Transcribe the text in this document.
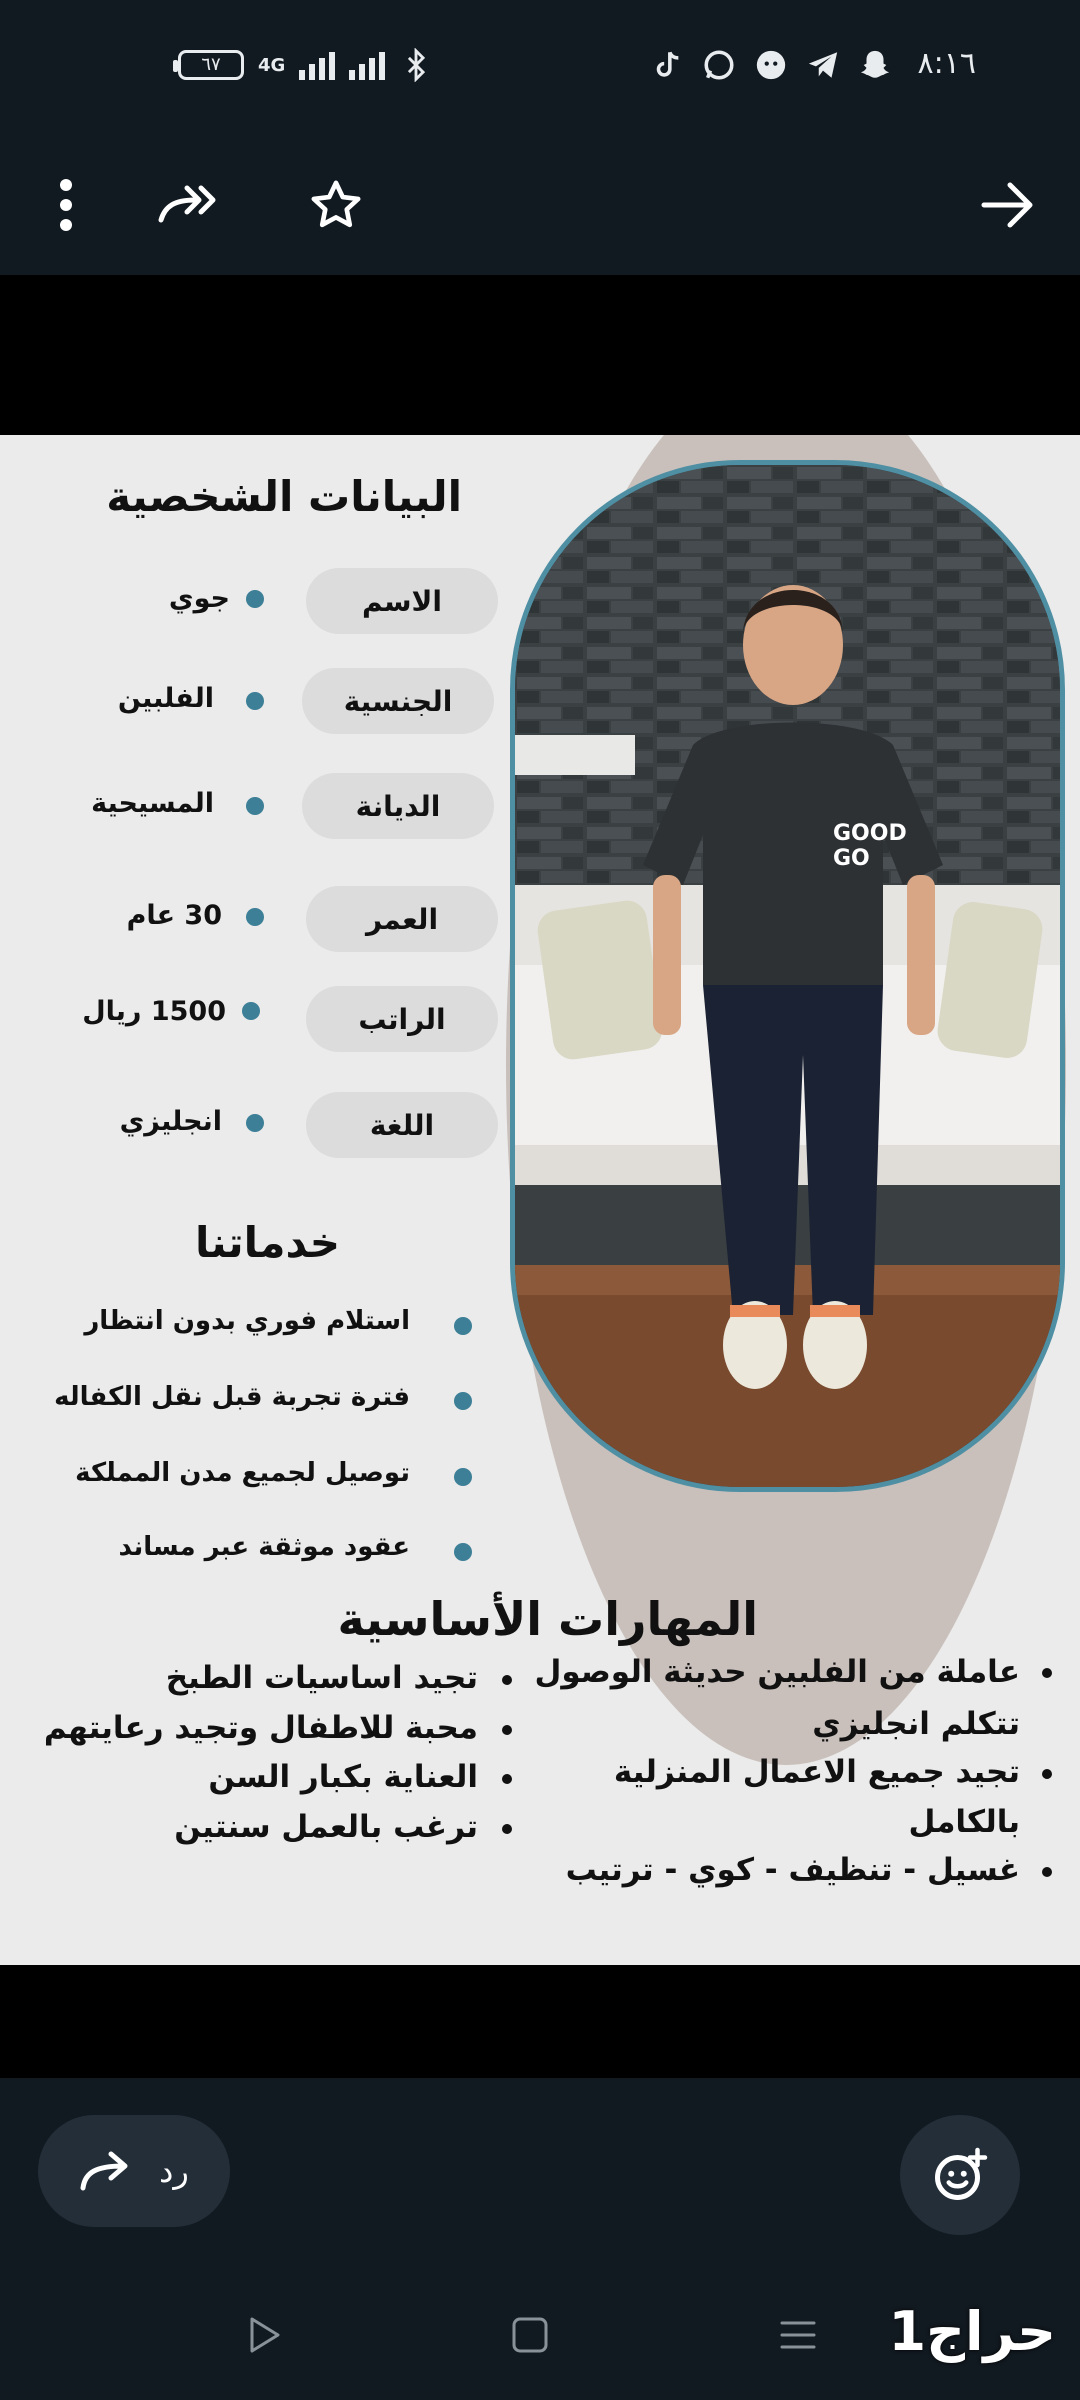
٦٧	4G	٨:١٦
GOOD
GO
البيانات الشخصية
الاسم
جوي
الجنسية
الفلبين
الديانة
المسيحية
العمر
30 عام
الراتب
1500 ريال
اللغة
انجليزي
خدماتنا
استلام فوري بدون انتظار
فترة تجربة قبل نقل الكفاله
توصيل لجميع مدن المملكة
عقود موثقة عبر مساند
المهارات الأساسية
عاملة من الفلبين حديثة الوصول
تتكلم انجليزي
تجيد جميع الاعمال المنزلية
بالكامل
غسيل - تنظيف - كوي - ترتيب
تجيد اساسيات الطبخ
محبة للاطفال وتجيد رعايتهم
العناية بكبار السن
ترغب بالعمل سنتين
رد
حراج1
